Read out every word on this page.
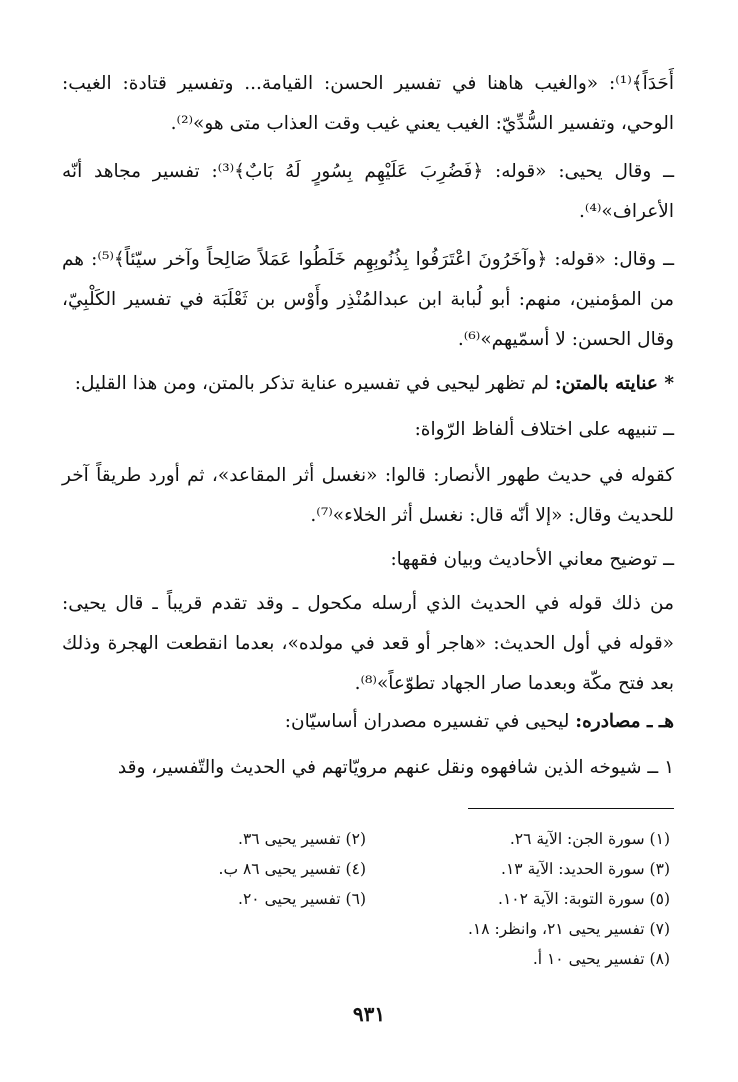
أَحَدَاً﴾⁽¹⁾: «والغيب هاهنا في تفسير الحسن: القيامة... وتفسير قتادة: الغيب: الوحي، وتفسير السُّدِّيّ: الغيب يعني غيب وقت العذاب متى هو»⁽²⁾.

ــ وقال يحيى: «قوله: ﴿فَضُرِبَ عَلَيْهِم بِسُورٍ لَهُ بَابٌ﴾⁽³⁾: تفسير مجاهد أنّه الأعراف»⁽⁴⁾.

ــ وقال: «قوله: ﴿وآخَرُونَ اعْتَرَفُوا بِذُنُوبِهِم خَلَطُوا عَمَلاً صَالِحاً وآخر سيّئاً﴾⁽⁵⁾: هم من المؤمنين، منهم: أبو لُبابة ابن عبدالمُنْذِر وأَوْس بن ثَعْلَبَة في تفسير الكَلْبِيّ، وقال الحسن: لا أسمّيهم»⁽⁶⁾.

* عنايته بالمتن: لم تظهر ليحيى في تفسيره عناية تذكر بالمتن، ومن هذا القليل:

ــ تنبيهه على اختلاف ألفاظ الرّواة:

كقوله في حديث طهور الأنصار: قالوا: «نغسل أثر المقاعد»، ثم أورد طريقاً آخر للحديث وقال: «إلا أنّه قال: نغسل أثر الخلاء»⁽⁷⁾.

ــ توضيح معاني الأحاديث وبيان فقهها:

من ذلك قوله في الحديث الذي أرسله مكحول ـ وقد تقدم قريباً ـ قال يحيى: «قوله في أول الحديث: «هاجر أو قعد في مولده»، بعدما انقطعت الهجرة وذلك بعد فتح مكّة وبعدما صار الجهاد تطوّعاً»⁽⁸⁾.

هـ ـ مصادره: ليحيى في تفسيره مصدران أساسيّان:

١ ــ شيوخه الذين شافهوه ونقل عنهم مرويّاتهم في الحديث والتّفسير، وقد

(١) سورة الجن: الآية ٢٦.
(٣) سورة الحديد: الآية ١٣.
(٥) سورة التوبة: الآية ١٠٢.
(٧) تفسير يحيى ٢١، وانظر: ١٨.
(٨) تفسير يحيى ١٠ أ.
(٢) تفسير يحيى ٣٦.
(٤) تفسير يحيى ٨٦ ب.
(٦) تفسير يحيى ٢٠.
٩٣١
